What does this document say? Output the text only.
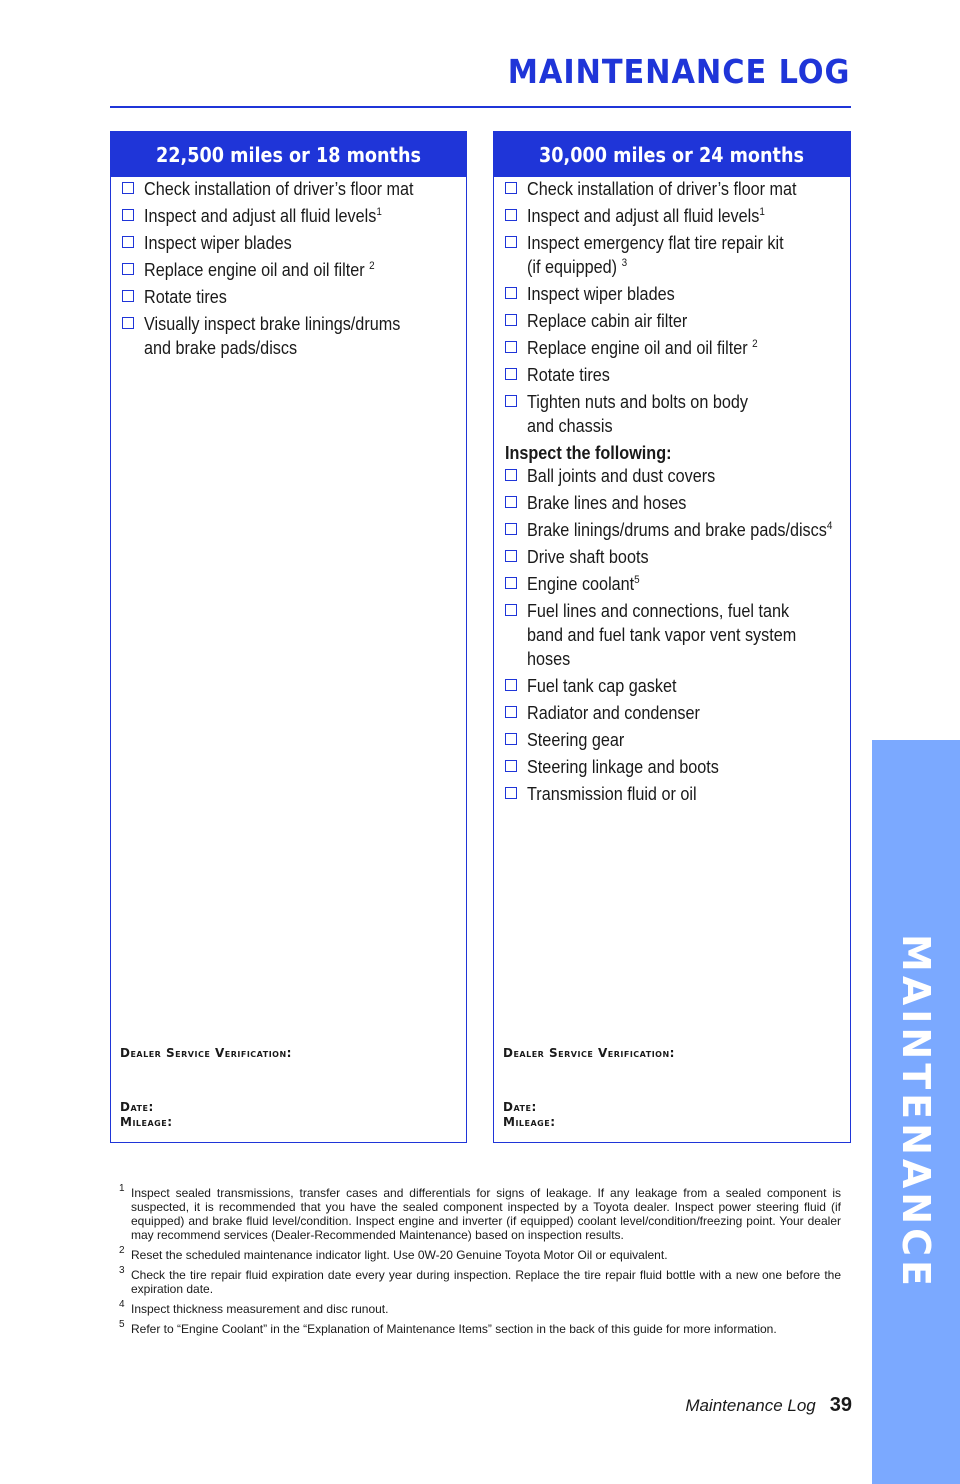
MAINTENANCE LOG
22,500 miles or 18 months
Check installation of driver’s floor mat
Inspect and adjust all fluid levels$^1$
Inspect wiper blades
Replace engine oil and oil filter $^2$
Rotate tires
Visually inspect brake linings/drums and brake pads/discs
Dealer Service Verification:
Date:
Mileage:
30,000 miles or 24 months
Check installation of driver’s floor mat
Inspect and adjust all fluid levels$^1$
Inspect emergency flat tire repair kit (if equipped) $^3$
Inspect wiper blades
Replace cabin air filter
Replace engine oil and oil filter $^2$
Rotate tires
Tighten nuts and bolts on body and chassis
Inspect the following:
Ball joints and dust covers
Brake lines and hoses
Brake linings/drums and brake pads/discs$^4$
Drive shaft boots
Engine coolant$^5$
Fuel lines and connections, fuel tank band and fuel tank vapor vent system hoses
Fuel tank cap gasket
Radiator and condenser
Steering gear
Steering linkage and boots
Transmission fluid or oil
Dealer Service Verification:
Date:
Mileage:
1 Inspect sealed transmissions, transfer cases and differentials for signs of leakage. If any leakage from a sealed component is suspected, it is recommended that you have the sealed component inspected by a Toyota dealer. Inspect power steering fluid (if equipped) and brake fluid level/condition. Inspect engine and inverter (if equipped) coolant level/condition/freezing point. Your dealer may recommend services (Dealer-Recommended Maintenance) based on inspection results.
2 Reset the scheduled maintenance indicator light. Use 0W-20 Genuine Toyota Motor Oil or equivalent.
3 Check the tire repair fluid expiration date every year during inspection. Replace the tire repair fluid bottle with a new one before the expiration date.
4 Inspect thickness measurement and disc runout.
5 Refer to “Engine Coolant” in the “Explanation of Maintenance Items” section in the back of this guide for more information.
MAINTENANCE
Maintenance Log 39
